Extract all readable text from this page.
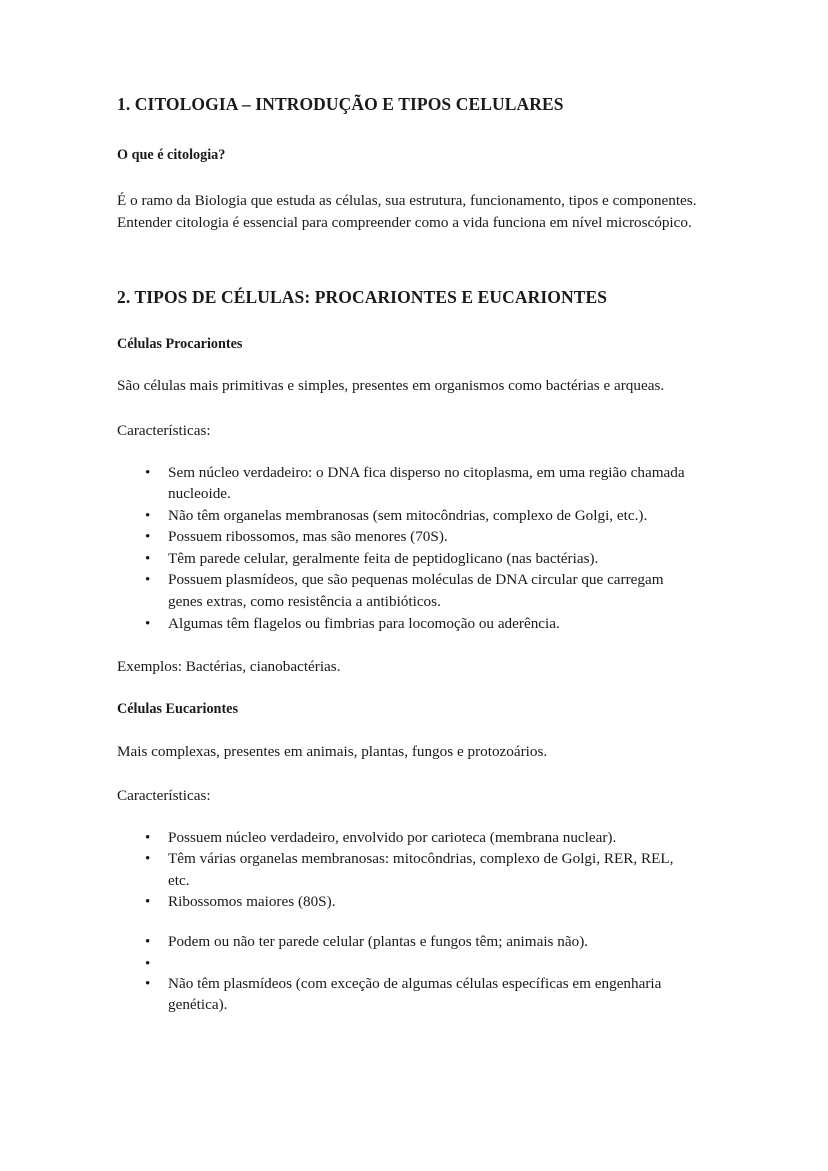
1. CITOLOGIA – INTRODUÇÃO E TIPOS CELULARES
O que é citologia?

É o ramo da Biologia que estuda as células, sua estrutura, funcionamento, tipos e componentes. Entender citologia é essencial para compreender como a vida funciona em nível microscópico.

2. TIPOS DE CÉLULAS: PROCARIONTES E EUCARIONTES
Células Procariontes

São células mais primitivas e simples, presentes em organismos como bactérias e arqueas.

Características:

• Sem núcleo verdadeiro: o DNA fica disperso no citoplasma, em uma região chamada nucleoide.
• Não têm organelas membranosas (sem mitocôndrias, complexo de Golgi, etc.).
• Possuem ribossomos, mas são menores (70S).
• Têm parede celular, geralmente feita de peptidoglicano (nas bactérias).
• Possuem plasmídeos, que são pequenas moléculas de DNA circular que carregam genes extras, como resistência a antibióticos.
• Algumas têm flagelos ou fimbrias para locomoção ou aderência.

Exemplos: Bactérias, cianobactérias.

Células Eucariontes

Mais complexas, presentes em animais, plantas, fungos e protozoários.

Características:

• Possuem núcleo verdadeiro, envolvido por carioteca (membrana nuclear).
• Têm várias organelas membranosas: mitocôndrias, complexo de Golgi, RER, REL, etc.
• Ribossomos maiores (80S).
• Podem ou não ter parede celular (plantas e fungos têm; animais não).
•
• Não têm plasmídeos (com exceção de algumas células específicas em engenharia genética).
